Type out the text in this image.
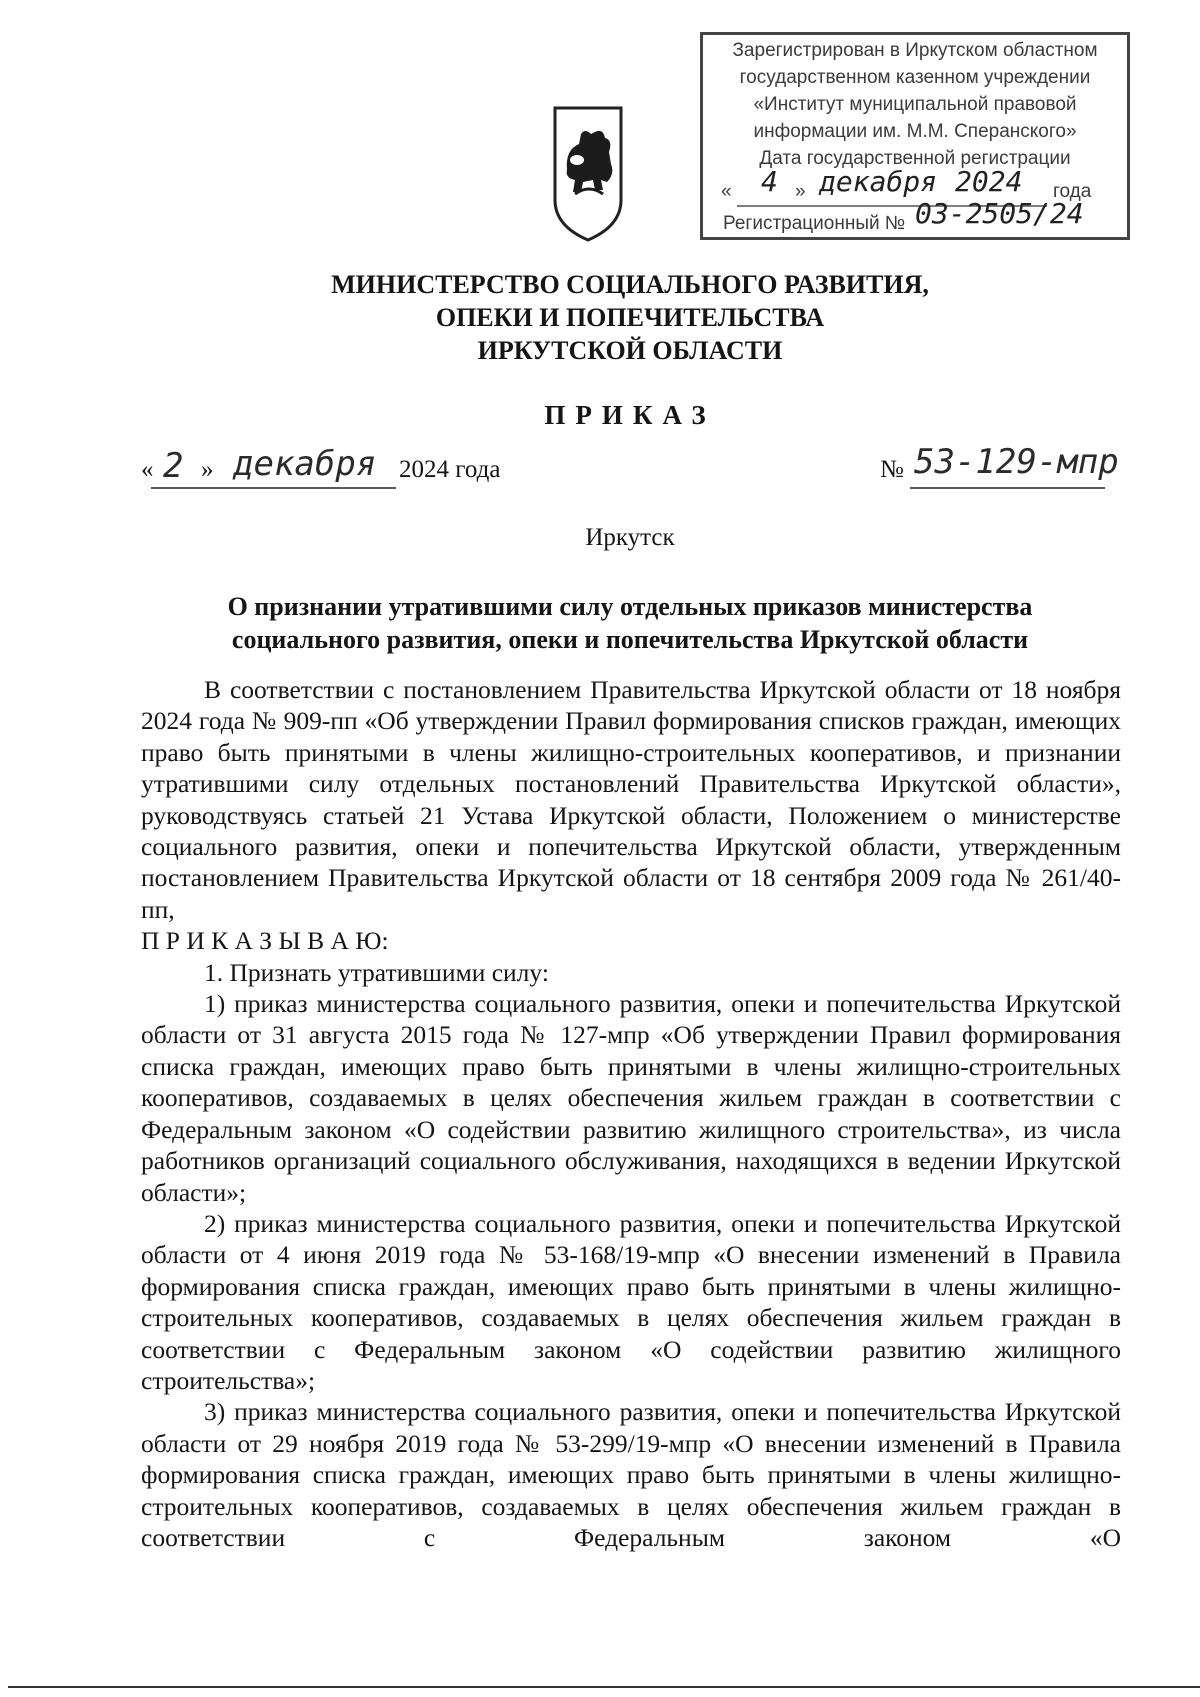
Зарегистрирован в Иркутском областном
государственном казенном учреждении
«Институт муниципальной правовой
информации им. М.М. Сперанского»
Дата государственной регистрации
« 4 » декабря 2024 года
Регистрационный № 03-2505/24
МИНИСТЕРСТВО СОЦИАЛЬНОГО РАЗВИТИЯ,
ОПЕКИ И ПОПЕЧИТЕЛЬСТВА
ИРКУТСКОЙ ОБЛАСТИ
ПРИКАЗ
« 2 » декабря 2024 года	№ 53-129-мпр
Иркутск
О признании утратившими силу отдельных приказов министерства
социального развития, опеки и попечительства Иркутской области

В соответствии с постановлением Правительства Иркутской области от 18 ноября 2024 года № 909-пп «Об утверждении Правил формирования списков граждан, имеющих право быть принятыми в члены жилищно-строительных кооперативов, и признании утратившими силу отдельных постановлений Правительства Иркутской области», руководствуясь статьей 21 Устава Иркутской области, Положением о министерстве социального развития, опеки и попечительства Иркутской области, утвержденным постановлением Правительства Иркутской области от 18 сентября 2009 года № 261/40-пп,

П Р И К А З Ы В А Ю:

1. Признать утратившими силу:

1) приказ министерства социального развития, опеки и попечительства Иркутской области от 31 августа 2015 года № 127-мпр «Об утверждении Правил формирования списка граждан, имеющих право быть принятыми в члены жилищно-строительных кооперативов, создаваемых в целях обеспечения жильем граждан в соответствии с Федеральным законом «О содействии развитию жилищного строительства», из числа работников организаций социального обслуживания, находящихся в ведении Иркутской области»;

2) приказ министерства социального развития, опеки и попечительства Иркутской области от 4 июня 2019 года № 53-168/19-мпр «О внесении изменений в Правила формирования списка граждан, имеющих право быть принятыми в члены жилищно-строительных кооперативов, создаваемых в целях обеспечения жильем граждан в соответствии с Федеральным законом «О содействии развитию жилищного строительства»;

3) приказ министерства социального развития, опеки и попечительства Иркутской области от 29 ноября 2019 года № 53-299/19-мпр «О внесении изменений в Правила формирования списка граждан, имеющих право быть принятыми в члены жилищно-строительных кооперативов, создаваемых в целях обеспечения жильем граждан в соответствии с Федеральным законом «О
